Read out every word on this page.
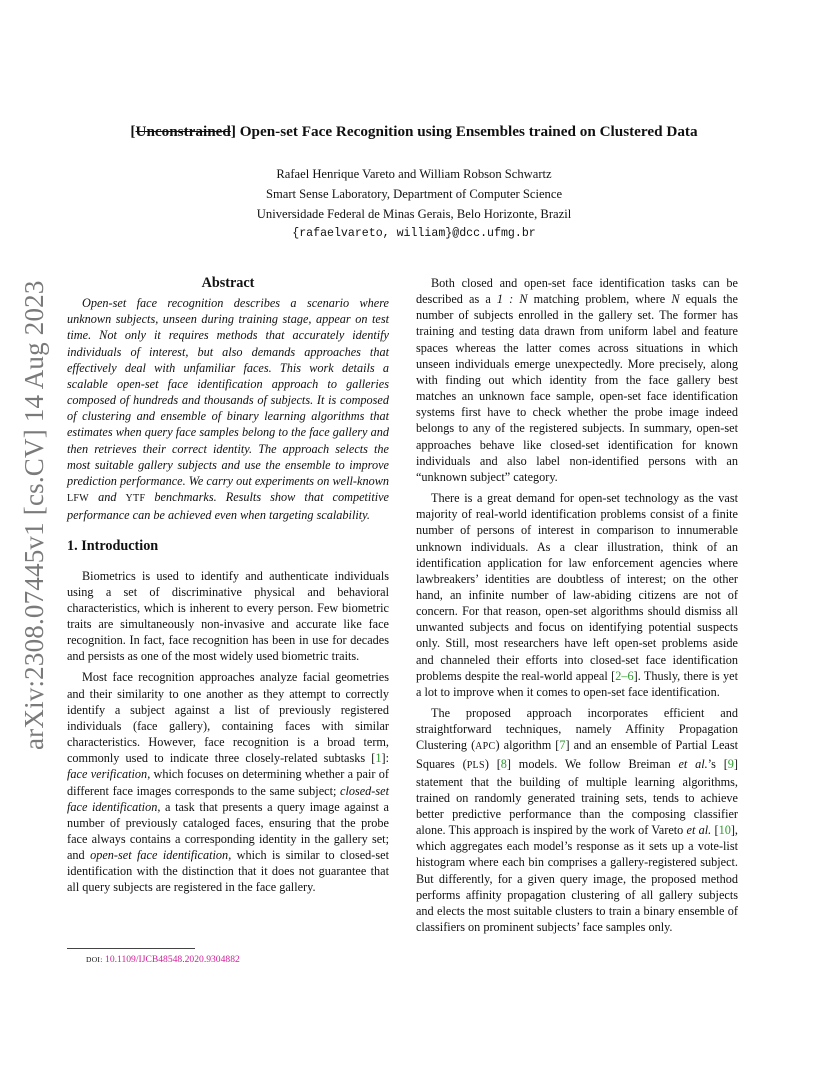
arXiv:2308.07445v1 [cs.CV] 14 Aug 2023
[Unconstrained] Open-set Face Recognition using Ensembles trained on Clustered Data
Rafael Henrique Vareto and William Robson Schwartz
Smart Sense Laboratory, Department of Computer Science
Universidade Federal de Minas Gerais, Belo Horizonte, Brazil
{rafaelvareto, william}@dcc.ufmg.br
Abstract

Open-set face recognition describes a scenario where unknown subjects, unseen during training stage, appear on test time. Not only it requires methods that accurately identify individuals of interest, but also demands approaches that effectively deal with unfamiliar faces. This work details a scalable open-set face identification approach to galleries composed of hundreds and thousands of subjects. It is composed of clustering and ensemble of binary learning algorithms that estimates when query face samples belong to the face gallery and then retrieves their correct identity. The approach selects the most suitable gallery subjects and use the ensemble to improve prediction performance. We carry out experiments on well-known LFW and YTF benchmarks. Results show that competitive performance can be achieved even when targeting scalability.

1. Introduction

Biometrics is used to identify and authenticate individuals using a set of discriminative physical and behavioral characteristics, which is inherent to every person. Few biometric traits are simultaneously non-invasive and accurate like face recognition. In fact, face recognition has been in use for decades and persists as one of the most widely used biometric traits.

Most face recognition approaches analyze facial geometries and their similarity to one another as they attempt to correctly identify a subject against a list of previously registered individuals (face gallery), containing faces with similar characteristics. However, face recognition is a broad term, commonly used to indicate three closely-related subtasks [1]: face verification, which focuses on determining whether a pair of different face images corresponds to the same subject; closed-set face identification, a task that presents a query image against a number of previously cataloged faces, ensuring that the probe face always contains a corresponding identity in the gallery set; and open-set face identification, which is similar to closed-set identification with the distinction that it does not guarantee that all query subjects are registered in the face gallery.

DOI: 10.1109/IJCB48548.2020.9304882

Both closed and open-set face identification tasks can be described as a 1 : N matching problem, where N equals the number of subjects enrolled in the gallery set. The former has training and testing data drawn from uniform label and feature spaces whereas the latter comes across situations in which unseen individuals emerge unexpectedly. More precisely, along with finding out which identity from the face gallery best matches an unknown face sample, open-set face identification systems first have to check whether the probe image indeed belongs to any of the registered subjects. In summary, open-set approaches behave like closed-set identification for known individuals and also label non-identified persons with an “unknown subject” category.

There is a great demand for open-set technology as the vast majority of real-world identification problems consist of a finite number of persons of interest in comparison to innumerable unknown individuals. As a clear illustration, think of an identification application for law enforcement agencies where lawbreakers’ identities are doubtless of interest; on the other hand, an infinite number of law-abiding citizens are not of concern. For that reason, open-set algorithms should dismiss all unwanted subjects and focus on identifying potential suspects only. Still, most researchers have left open-set problems aside and channeled their efforts into closed-set face identification problems despite the real-world appeal [2–6]. Thusly, there is yet a lot to improve when it comes to open-set face identification.

The proposed approach incorporates efficient and straightforward techniques, namely Affinity Propagation Clustering (APC) algorithm [7] and an ensemble of Partial Least Squares (PLS) [8] models. We follow Breiman et al.’s [9] statement that the building of multiple learning algorithms, trained on randomly generated training sets, tends to achieve better predictive performance than the composing classifier alone. This approach is inspired by the work of Vareto et al. [10], which aggregates each model’s response as it sets up a vote-list histogram where each bin comprises a gallery-registered subject. But differently, for a given query image, the proposed method performs affinity propagation clustering of all gallery subjects and elects the most suitable clusters to train a binary ensemble of classifiers on prominent subjects’ face samples only.
